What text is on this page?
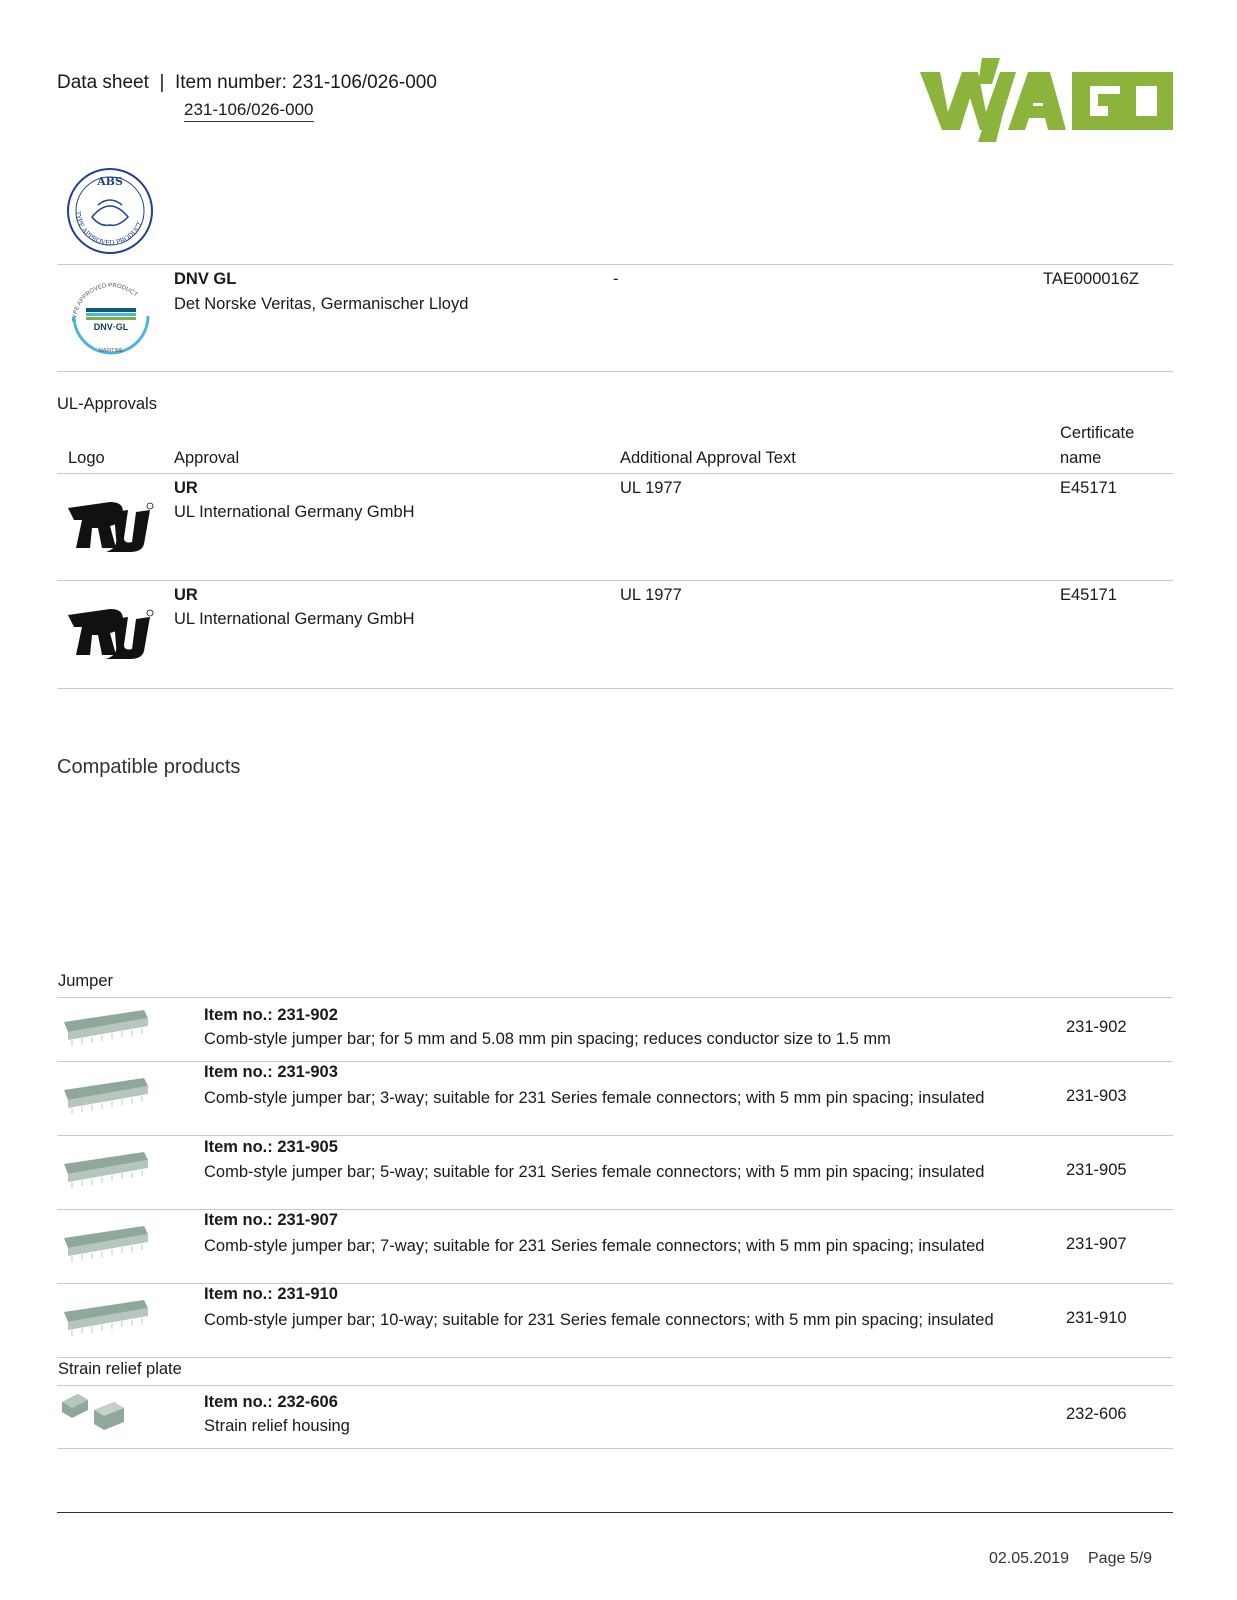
Data sheet  |  Item number: 231-106/026-000
231-106/026-000
ABS
TYPE APPROVED PRODUCT
TYPE APPROVED PRODUCT
DNV·GL
MARITIME
DNV GL
Det Norske Veritas, Germanischer Lloyd
-	TAE000016Z
UL-Approvals
Logo	Approval	Additional Approval Text
Certificate
name
UR
UL International Germany GmbH
UL 1977	E45171
UR
UL International Germany GmbH
UL 1977	E45171
Compatible products
Jumper
Item no.: 231-902
Comb-style jumper bar; for 5 mm and 5.08 mm pin spacing; reduces conductor size to 1.5 mm
231-902
Item no.: 231-903
Comb-style jumper bar; 3-way; suitable for 231 Series female connectors; with 5 mm pin spacing; insulated	231-903
Item no.: 231-905
Comb-style jumper bar; 5-way; suitable for 231 Series female connectors; with 5 mm pin spacing; insulated	231-905
Item no.: 231-907
Comb-style jumper bar; 7-way; suitable for 231 Series female connectors; with 5 mm pin spacing; insulated	231-907
Item no.: 231-910
Comb-style jumper bar; 10-way; suitable for 231 Series female connectors; with 5 mm pin spacing; insulated	231-910
Strain relief plate
Item no.: 232-606
Strain relief housing
232-606
02.05.2019 Page 5/9
